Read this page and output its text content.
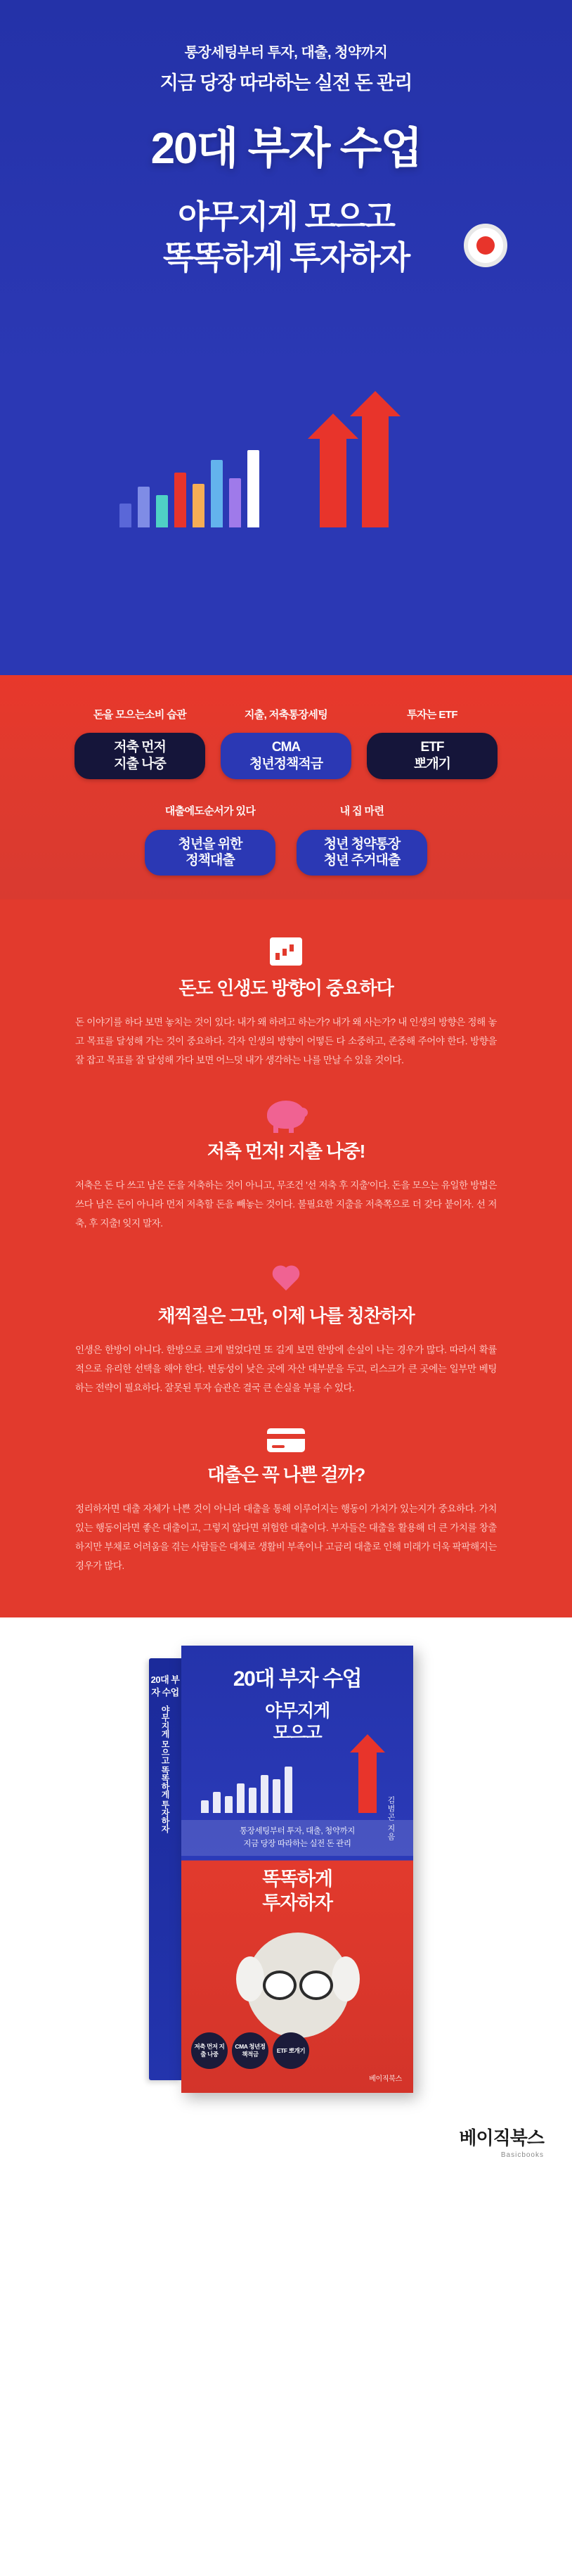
통장세팅부터 투자, 대출, 청약까지
지금 당장 따라하는 실전 돈 관리
20대 부자 수업
야무지게 모으고
똑똑하게 투자하자
돈을 모으는 소비 습관
저축 먼저
지출 나중
지출, 저축 통장세팅
CMA
청년정책적금
투자는 ETF
ETF
뽀개기
대출에도 순서가 있다
청년을 위한
정책대출
내 집 마련
청년 청약통장
청년 주거대출
돈도 인생도 방향이 중요하다
돈 이야기를 하다 보면 놓치는 것이 있다: 내가 왜 하려고 하는가? 내가 왜 사는가? 내 인생의 방향은 정해 놓고 목표를 달성해 가는 것이 중요하다. 각자 인생의 방향이 어떻든 다 소중하고, 존중해 주어야 한다. 방향을 잘 잡고 목표를 잘 달성해 가다 보면 어느덧 내가 생각하는 나를 만날 수 있을 것이다.
저축 먼저! 지출 나중!
저축은 돈 다 쓰고 남은 돈을 저축하는 것이 아니고, 무조건 '선 저축 후 지출'이다. 돈을 모으는 유일한 방법은 쓰다 남은 돈이 아니라 먼저 저축할 돈을 빼놓는 것이다. 불필요한 지출을 저축쪽으로 더 갖다 붙이자. 선 저축, 후 지출! 잊지 말자.
채찍질은 그만, 이제 나를 칭찬하자
인생은 한방이 아니다. 한방으로 크게 벌었다면 또 길게 보면 한방에 손실이 나는 경우가 많다. 따라서 확률적으로 유리한 선택을 해야 한다. 변동성이 낮은 곳에 자산 대부분을 두고, 리스크가 큰 곳에는 일부만 베팅하는 전략이 필요하다. 잘못된 투자 습관은 결국 큰 손실을 부를 수 있다.
대출은 꼭 나쁜 걸까?
정리하자면 대출 자체가 나쁜 것이 아니라 대출을 통해 이루어지는 행동이 가치가 있는지가 중요하다. 가치 있는 행동이라면 좋은 대출이고, 그렇지 않다면 위험한 대출이다. 부자들은 대출을 활용해 더 큰 가치를 창출하지만 부채로 어려움을 겪는 사람들은 대체로 생활비 부족이나 고금리 대출로 인해 미래가 더욱 팍팍해지는 경우가 많다.
20대 부자 수업
야무지게 모으고 똑똑하게 투자하자
20대 부자 수업
야무지게
모으고
김범곤 지음
통장세팅부터 투자, 대출, 청약까지
지금 당장 따라하는 실전 돈 관리
똑똑하게
투자하자
저축 먼저 지출 나중
CMA 청년정책적금
ETF 뽀개기
베이직북스
베이직북스
Basicbooks
